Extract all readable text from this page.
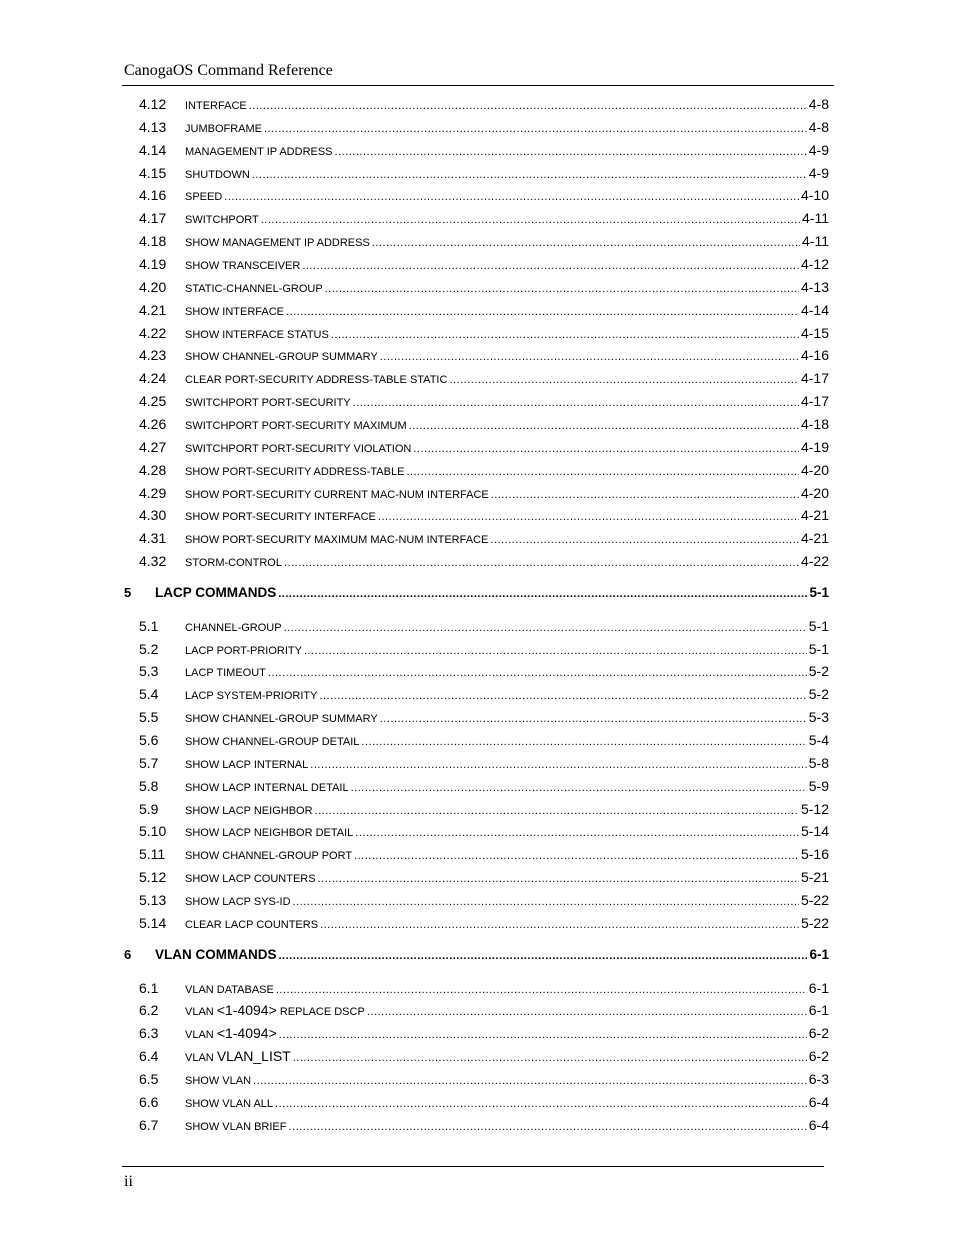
CanogaOS Command Reference
4.12	INTERFACE .....	4-8
4.13	JUMBOFRAME .....	4-8
4.14	MANAGEMENT IP ADDRESS .....	4-9
4.15	SHUTDOWN .....	4-9
4.16	SPEED .....	4-10
4.17	SWITCHPORT .....	4-11
4.18	SHOW MANAGEMENT IP ADDRESS .....	4-11
4.19	SHOW TRANSCEIVER .....	4-12
4.20	STATIC-CHANNEL-GROUP .....	4-13
4.21	SHOW INTERFACE .....	4-14
4.22	SHOW INTERFACE STATUS .....	4-15
4.23	SHOW CHANNEL-GROUP SUMMARY .....	4-16
4.24	CLEAR PORT-SECURITY ADDRESS-TABLE STATIC .....	4-17
4.25	SWITCHPORT PORT-SECURITY .....	4-17
4.26	SWITCHPORT PORT-SECURITY MAXIMUM .....	4-18
4.27	SWITCHPORT PORT-SECURITY VIOLATION .....	4-19
4.28	SHOW PORT-SECURITY ADDRESS-TABLE .....	4-20
4.29	SHOW PORT-SECURITY CURRENT MAC-NUM INTERFACE .....	4-20
4.30	SHOW PORT-SECURITY INTERFACE .....	4-21
4.31	SHOW PORT-SECURITY MAXIMUM MAC-NUM INTERFACE .....	4-21
4.32	STORM-CONTROL .....	4-22
5	LACP COMMANDS .....	5-1
5.1	CHANNEL-GROUP .....	5-1
5.2	LACP PORT-PRIORITY .....	5-1
5.3	LACP TIMEOUT .....	5-2
5.4	LACP SYSTEM-PRIORITY .....	5-2
5.5	SHOW CHANNEL-GROUP SUMMARY .....	5-3
5.6	SHOW CHANNEL-GROUP DETAIL .....	5-4
5.7	SHOW LACP INTERNAL .....	5-8
5.8	SHOW LACP INTERNAL DETAIL .....	5-9
5.9	SHOW LACP NEIGHBOR .....	5-12
5.10	SHOW LACP NEIGHBOR DETAIL .....	5-14
5.11	SHOW CHANNEL-GROUP PORT .....	5-16
5.12	SHOW LACP COUNTERS .....	5-21
5.13	SHOW LACP SYS-ID .....	5-22
5.14	CLEAR LACP COUNTERS .....	5-22
6	VLAN COMMANDS .....	6-1
6.1	VLAN DATABASE .....	6-1
6.2	VLAN <1-4094> REPLACE DSCP .....	6-1
6.3	VLAN <1-4094> .....	6-2
6.4	VLAN VLAN_LIST .....	6-2
6.5	SHOW VLAN .....	6-3
6.6	SHOW VLAN ALL .....	6-4
6.7	SHOW VLAN BRIEF .....	6-4
ii
